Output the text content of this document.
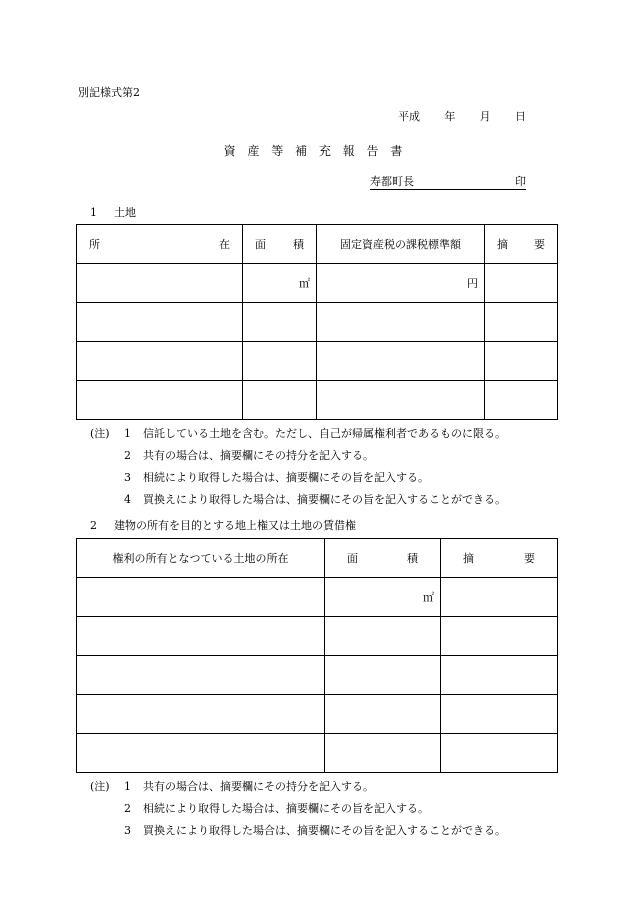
別記様式第2
平成 年 月 日
資 産 等 補 充 報 告 書
寿都町長	印
1 土地
所 在	面 積	固定資産税の課税標準額	摘 要

	㎡	円	

(注) 1 信託している土地を含む。ただし、自己が帰属権利者であるものに限る。
2 共有の場合は、摘要欄にその持分を記入する。
3 相続により取得した場合は、摘要欄にその旨を記入する。
4 買換えにより取得した場合は、摘要欄にその旨を記入することができる。
2 建物の所有を目的とする地上権又は土地の賃借権
権利の所有となつている土地の所在	面 積	摘 要

	㎡	

(注) 1 共有の場合は、摘要欄にその持分を記入する。
2 相続により取得した場合は、摘要欄にその旨を記入する。
3 買換えにより取得した場合は、摘要欄にその旨を記入することができる。
